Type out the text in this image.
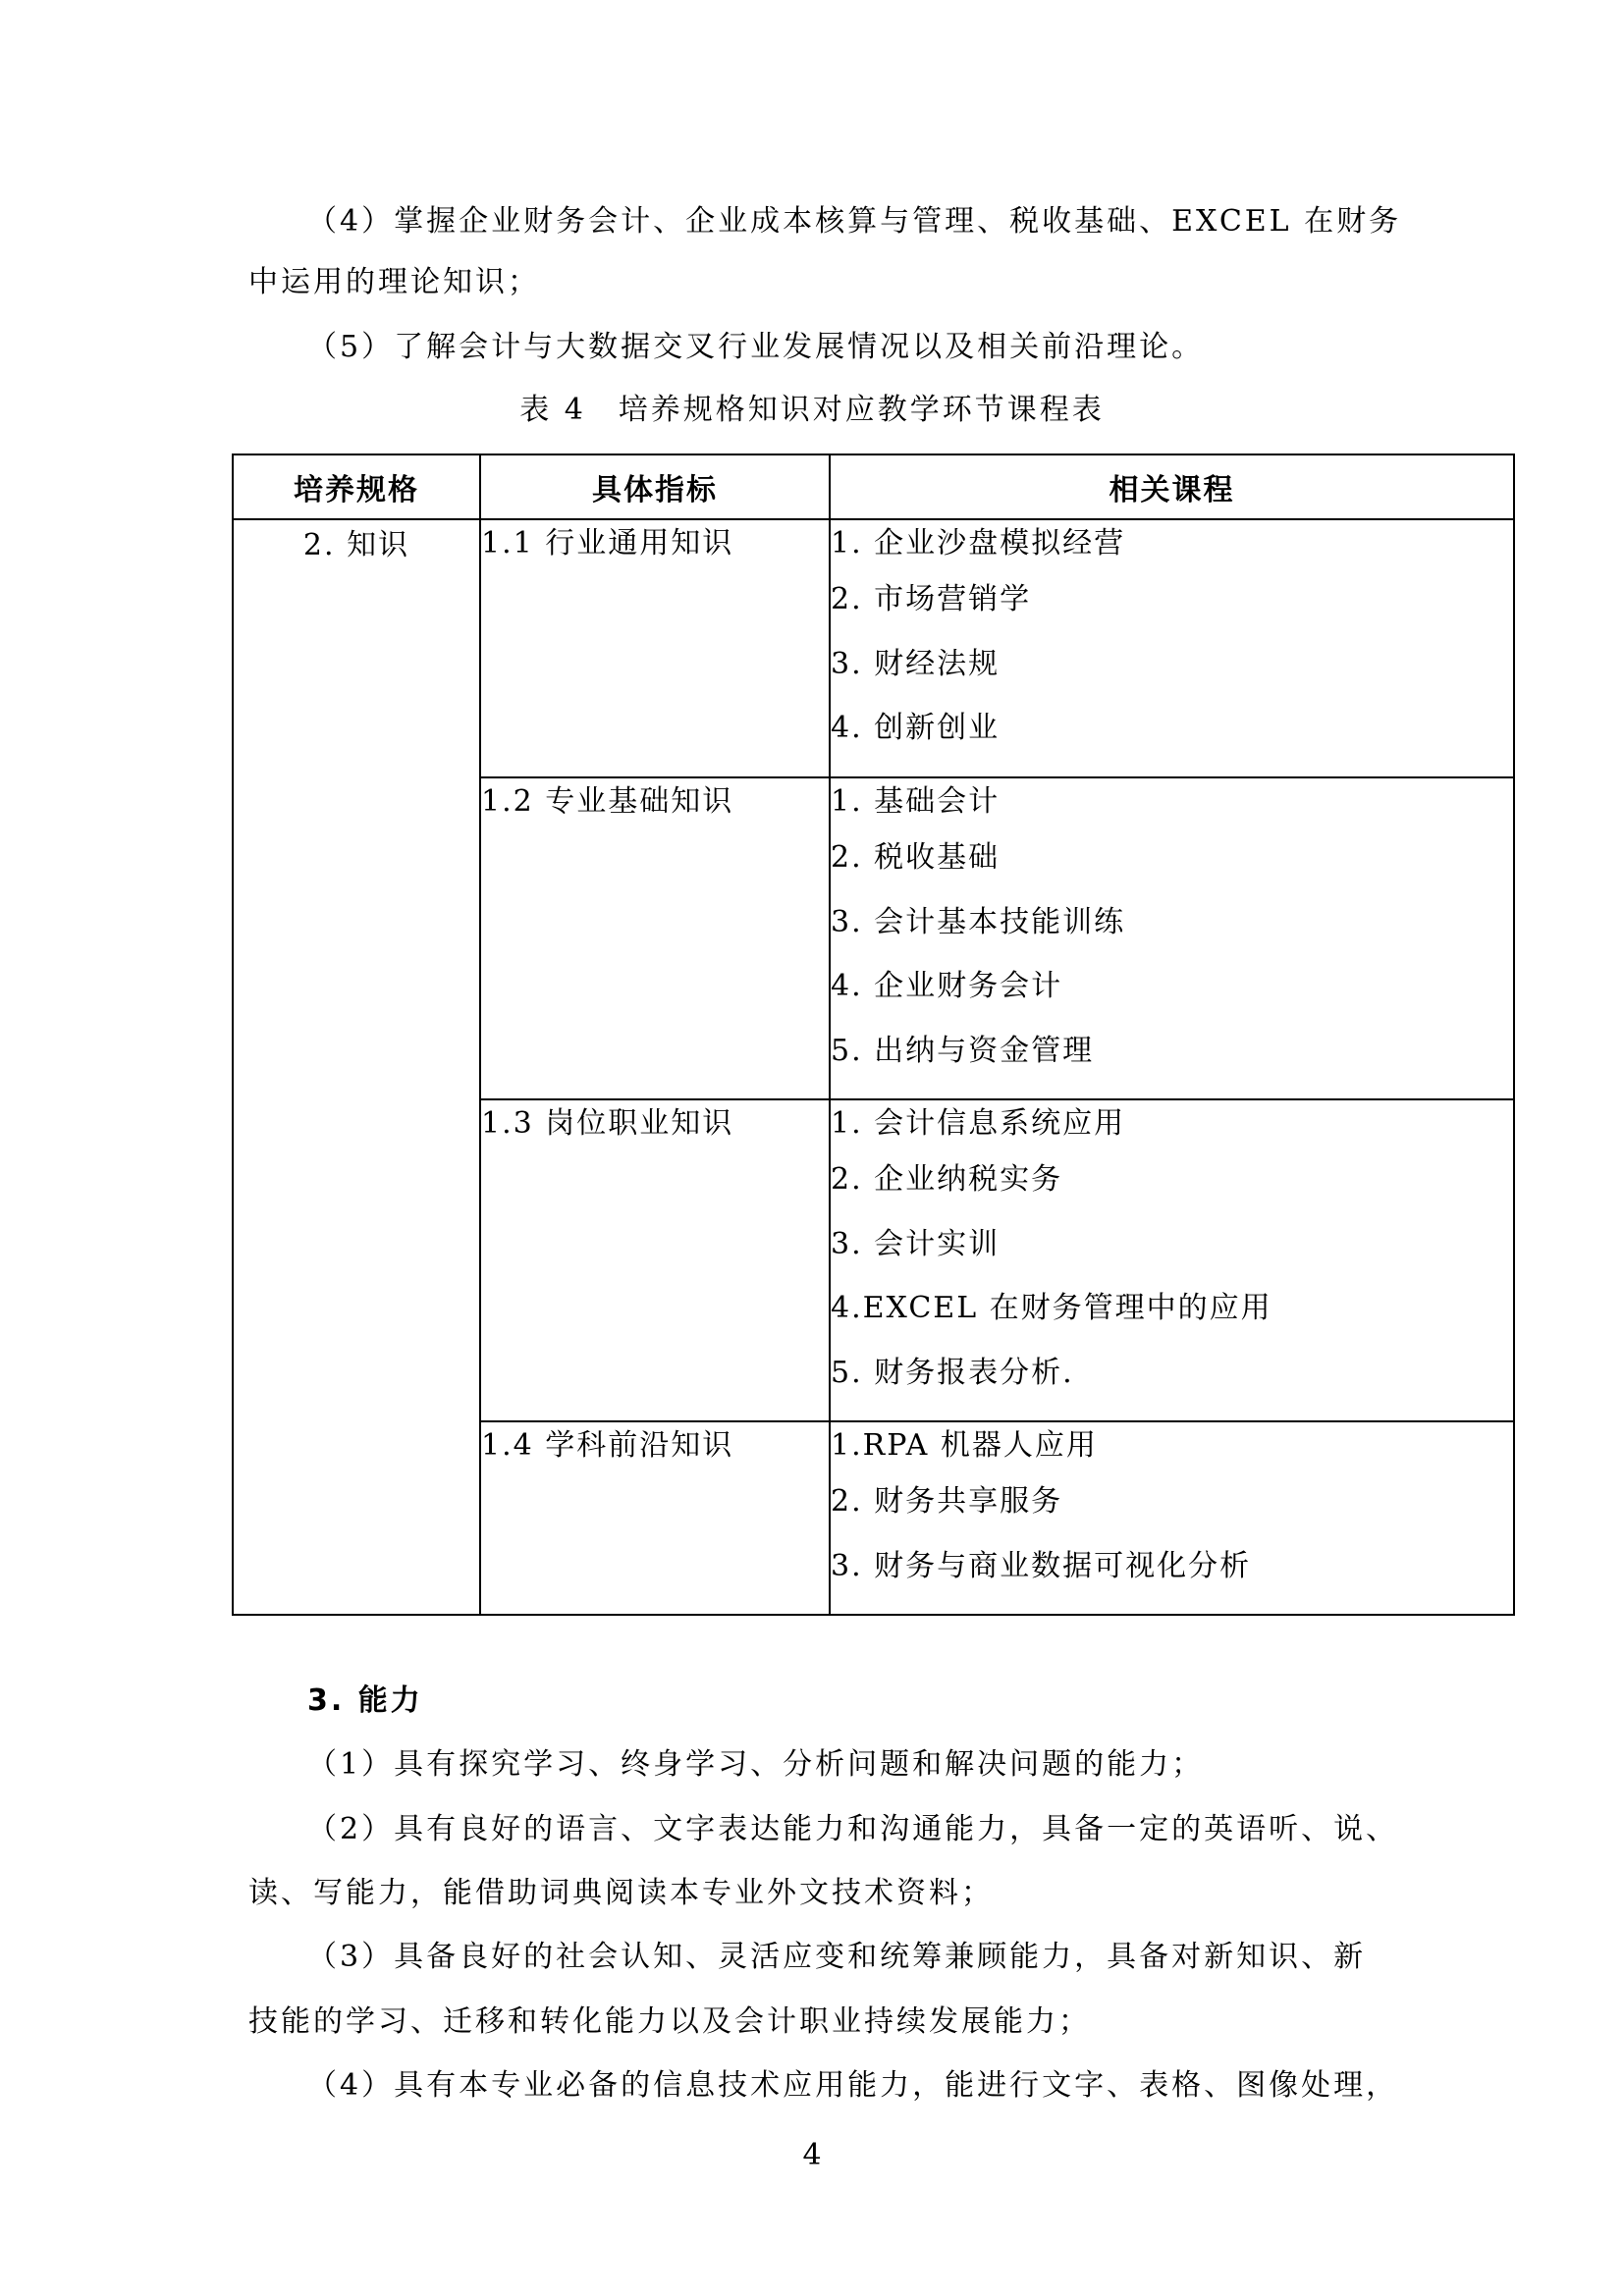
（4）掌握企业财务会计、企业成本核算与管理、税收基础、EXCEL 在财务

中运用的理论知识；

（5）了解会计与大数据交叉行业发展情况以及相关前沿理论。

表 4　培养规格知识对应教学环节课程表
培养规格	具体指标	相关课程
2. 知识	1.1 行业通用知识	1. 企业沙盘模拟经营
2. 市场营销学
3. 财经法规
4. 创新创业

	1.2 专业基础知识	1. 基础会计
2. 税收基础
3. 会计基本技能训练
4. 企业财务会计
5. 出纳与资金管理

	1.3 岗位职业知识	1. 会计信息系统应用
2. 企业纳税实务
3. 会计实训
4.EXCEL 在财务管理中的应用
5. 财务报表分析.

	1.4 学科前沿知识	1.RPA 机器人应用
2. 财务共享服务
3. 财务与商业数据可视化分析

3. 能力

（1）具有探究学习、终身学习、分析问题和解决问题的能力；

（2）具有良好的语言、文字表达能力和沟通能力，具备一定的英语听、说、

读、写能力，能借助词典阅读本专业外文技术资料；

（3）具备良好的社会认知、灵活应变和统筹兼顾能力，具备对新知识、新

技能的学习、迁移和转化能力以及会计职业持续发展能力；

（4）具有本专业必备的信息技术应用能力，能进行文字、表格、图像处理，

4
